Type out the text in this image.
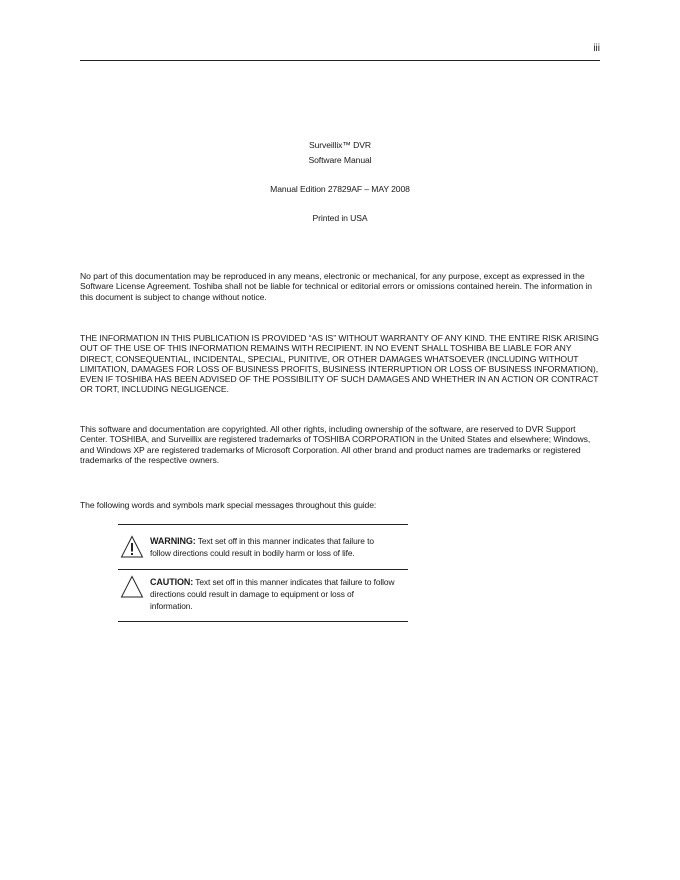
iii
Surveillix™ DVR
Software Manual
Manual Edition 27829AF – MAY 2008
Printed in USA
No part of this documentation may be reproduced in any means, electronic or mechanical, for any purpose, except as expressed in the Software License Agreement. Toshiba shall not be liable for technical or editorial errors or omissions contained herein. The information in this document is subject to change without notice.
THE INFORMATION IN THIS PUBLICATION IS PROVIDED “AS IS” WITHOUT WARRANTY OF ANY KIND. THE ENTIRE RISK ARISING OUT OF THE USE OF THIS INFORMATION REMAINS WITH RECIPIENT. IN NO EVENT SHALL TOSHIBA BE LIABLE FOR ANY DIRECT, CONSEQUENTIAL, INCIDENTAL, SPECIAL, PUNITIVE, OR OTHER DAMAGES WHATSOEVER (INCLUDING WITHOUT LIMITATION, DAMAGES FOR LOSS OF BUSINESS PROFITS, BUSINESS INTERRUPTION OR LOSS OF BUSINESS INFORMATION), EVEN IF TOSHIBA HAS BEEN ADVISED OF THE POSSIBILITY OF SUCH DAMAGES AND WHETHER IN AN ACTION OR CONTRACT OR TORT, INCLUDING NEGLIGENCE.
This software and documentation are copyrighted. All other rights, including ownership of the software, are reserved to DVR Support Center. TOSHIBA, and Surveillix are registered trademarks of TOSHIBA CORPORATION in the United States and elsewhere; Windows, and Windows XP are registered trademarks of Microsoft Corporation. All other brand and product names are trademarks or registered trademarks of the respective owners.
The following words and symbols mark special messages throughout this guide:
WARNING: Text set off in this manner indicates that failure to follow directions could result in bodily harm or loss of life.
CAUTION: Text set off in this manner indicates that failure to follow directions could result in damage to equipment or loss of information.
